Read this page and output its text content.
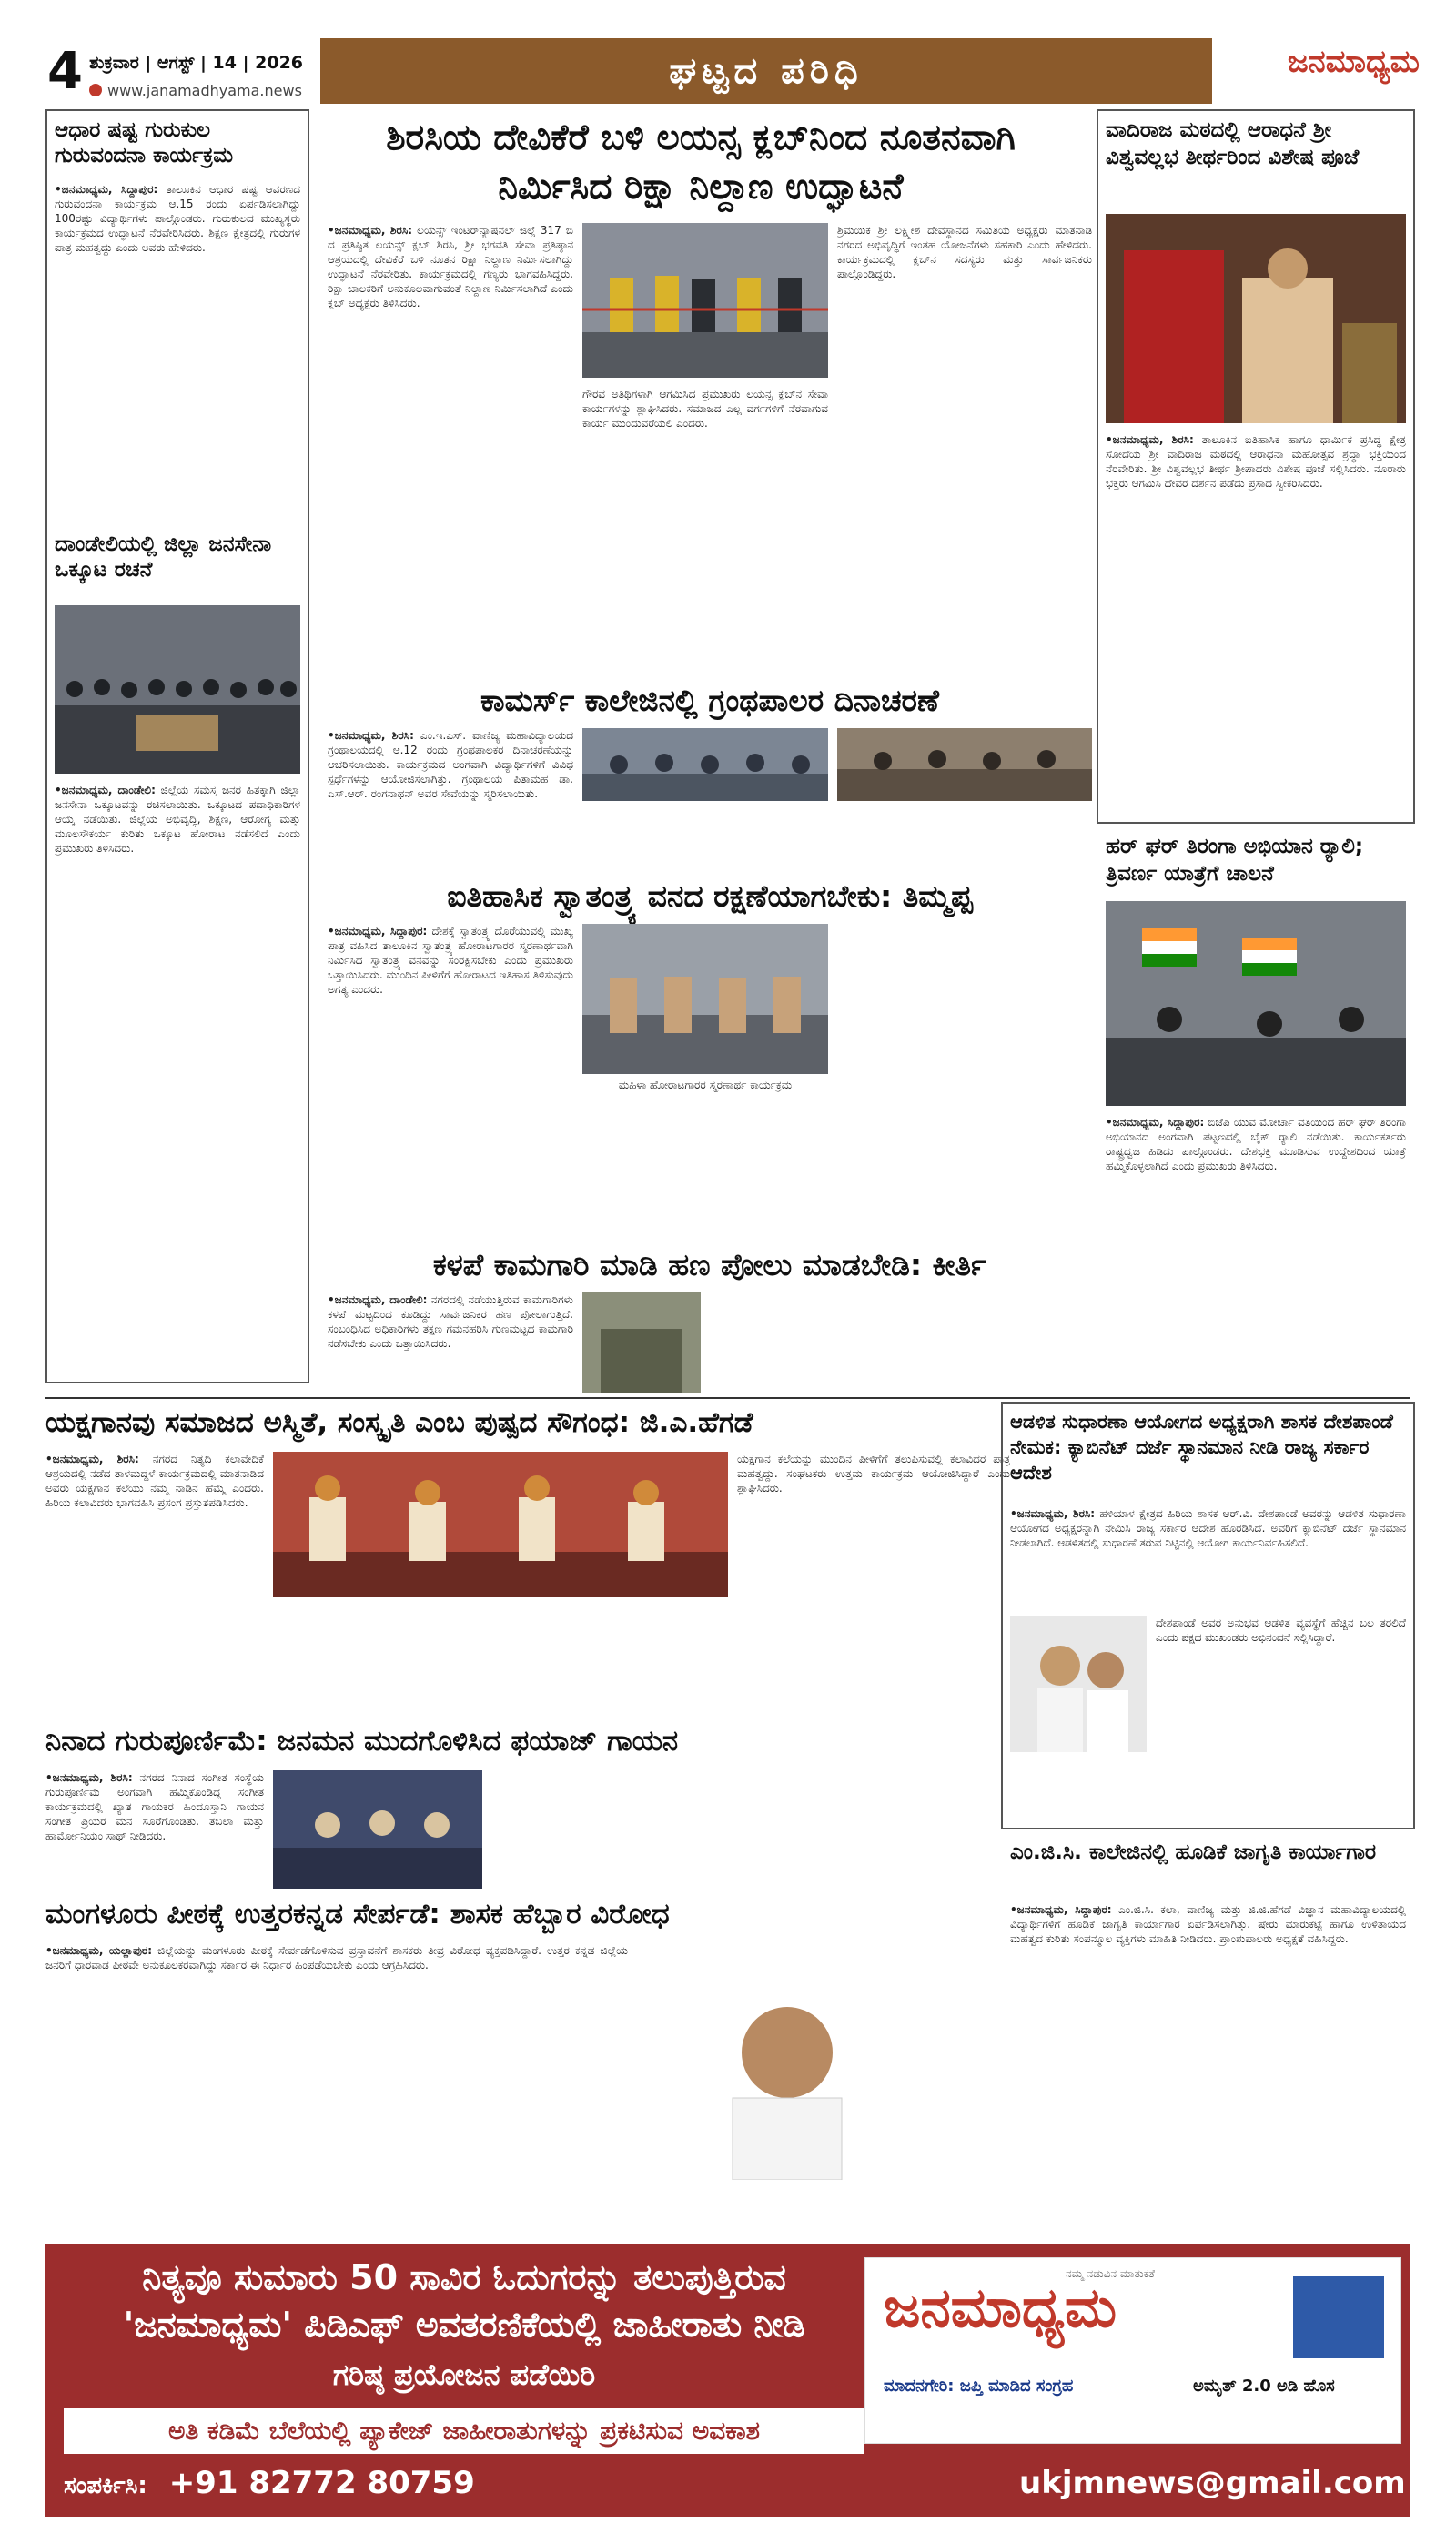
4 ಶುಕ್ರವಾರ | ಆಗಸ್ಟ್ | 14 | 2026
www.janamadhyama.news	ಘಟ್ಟದ ಪರಿಧಿ	ಜನಮಾಧ್ಯಮ
ಆಧಾರ ಷಷ್ಟ ಗುರುಕುಲ ಗುರುವಂದನಾ ಕಾರ್ಯಕ್ರಮ
•ಜನಮಾಧ್ಯಮ, ಸಿದ್ದಾಪುರ: ತಾಲೂಕಿನ ಆಧಾರ ಷಷ್ಟ ಆವರಣದ ಗುರುವಂದನಾ ಕಾರ್ಯಕ್ರಮ ಆ.15 ರಂದು ಏರ್ಪಡಿಸಲಾಗಿದ್ದು 100ರಷ್ಟು ವಿದ್ಯಾರ್ಥಿಗಳು ಪಾಲ್ಗೊಂಡರು. ಗುರುಕುಲದ ಮುಖ್ಯಸ್ಥರು ಕಾರ್ಯಕ್ರಮದ ಉದ್ಘಾಟನೆ ನೆರವೇರಿಸಿದರು. ಶಿಕ್ಷಣ ಕ್ಷೇತ್ರದಲ್ಲಿ ಗುರುಗಳ ಪಾತ್ರ ಮಹತ್ವದ್ದು ಎಂದು ಅವರು ಹೇಳಿದರು.
ದಾಂಡೇಲಿಯಲ್ಲಿ ಜಿಲ್ಲಾ ಜನಸೇನಾ ಒಕ್ಕೂಟ ರಚನೆ
•ಜನಮಾಧ್ಯಮ, ದಾಂಡೇಲಿ: ಜಿಲ್ಲೆಯ ಸಮಸ್ತ ಜನರ ಹಿತಕ್ಕಾಗಿ ಜಿಲ್ಲಾ ಜನಸೇನಾ ಒಕ್ಕೂಟವನ್ನು ರಚಿಸಲಾಯಿತು. ಒಕ್ಕೂಟದ ಪದಾಧಿಕಾರಿಗಳ ಆಯ್ಕೆ ನಡೆಯಿತು. ಜಿಲ್ಲೆಯ ಅಭಿವೃದ್ಧಿ, ಶಿಕ್ಷಣ, ಆರೋಗ್ಯ ಮತ್ತು ಮೂಲಸೌಕರ್ಯ ಕುರಿತು ಒಕ್ಕೂಟ ಹೋರಾಟ ನಡೆಸಲಿದೆ ಎಂದು ಪ್ರಮುಖರು ತಿಳಿಸಿದರು.
ಶಿರಸಿಯ ದೇವಿಕೆರೆ ಬಳಿ ಲಯನ್ಸ ಕ್ಲಬ್‌ನಿಂದ ನೂತನವಾಗಿ ನಿರ್ಮಿಸಿದ ರಿಕ್ಷಾ ನಿಲ್ದಾಣ ಉದ್ಘಾಟನೆ
•ಜನಮಾಧ್ಯಮ, ಶಿರಸಿ: ಲಯನ್ಸ್ ಇಂಟರ್‌ನ್ಯಾಷನಲ್ ಜಿಲ್ಲೆ 317 ಬಿ ದ ಪ್ರತಿಷ್ಠಿತ ಲಯನ್ಸ್ ಕ್ಲಬ್ ಶಿರಸಿ, ಶ್ರೀ ಭಗವತಿ ಸೇವಾ ಪ್ರತಿಷ್ಠಾನ ಆಶ್ರಯದಲ್ಲಿ ದೇವಿಕೆರೆ ಬಳಿ ನೂತನ ರಿಕ್ಷಾ ನಿಲ್ದಾಣ ನಿರ್ಮಿಸಲಾಗಿದ್ದು ಉದ್ಘಾಟನೆ ನೆರವೇರಿತು. ಕಾರ್ಯಕ್ರಮದಲ್ಲಿ ಗಣ್ಯರು ಭಾಗವಹಿಸಿದ್ದರು. ರಿಕ್ಷಾ ಚಾಲಕರಿಗೆ ಅನುಕೂಲವಾಗುವಂತೆ ನಿಲ್ದಾಣ ನಿರ್ಮಿಸಲಾಗಿದೆ ಎಂದು ಕ್ಲಬ್ ಅಧ್ಯಕ್ಷರು ತಿಳಿಸಿದರು.
ಗೌರವ ಅತಿಥಿಗಳಾಗಿ ಆಗಮಿಸಿದ ಪ್ರಮುಖರು ಲಯನ್ಸ ಕ್ಲಬ್‌ನ ಸೇವಾ ಕಾರ್ಯಗಳನ್ನು ಶ್ಲಾಘಿಸಿದರು. ಸಮಾಜದ ಎಲ್ಲ ವರ್ಗಗಳಿಗೆ ನೆರವಾಗುವ ಕಾರ್ಯ ಮುಂದುವರೆಯಲಿ ಎಂದರು.
ಶ್ರಿಮಯಿಕ ಶ್ರೀ ಲಕ್ಷ್ಮೀಶ ದೇವಸ್ಥಾನದ ಸಮಿತಿಯ ಅಧ್ಯಕ್ಷರು ಮಾತನಾಡಿ ನಗರದ ಅಭಿವೃದ್ಧಿಗೆ ಇಂತಹ ಯೋಜನೆಗಳು ಸಹಕಾರಿ ಎಂದು ಹೇಳಿದರು. ಕಾರ್ಯಕ್ರಮದಲ್ಲಿ ಕ್ಲಬ್‌ನ ಸದಸ್ಯರು ಮತ್ತು ಸಾರ್ವಜನಿಕರು ಪಾಲ್ಗೊಂಡಿದ್ದರು.
ವಾದಿರಾಜ ಮಠದಲ್ಲಿ ಆರಾಧನೆ ಶ್ರೀ ವಿಶ್ವವಲ್ಲಭ ತೀರ್ಥರಿಂದ ವಿಶೇಷ ಪೂಜೆ
•ಜನಮಾಧ್ಯಮ, ಶಿರಸಿ: ತಾಲೂಕಿನ ಐತಿಹಾಸಿಕ ಹಾಗೂ ಧಾರ್ಮಿಕ ಪ್ರಸಿದ್ಧ ಕ್ಷೇತ್ರ ಸೋದೆಯ ಶ್ರೀ ವಾದಿರಾಜ ಮಠದಲ್ಲಿ ಆರಾಧನಾ ಮಹೋತ್ಸವ ಶ್ರದ್ಧಾ ಭಕ್ತಿಯಿಂದ ನೆರವೇರಿತು. ಶ್ರೀ ವಿಶ್ವವಲ್ಲಭ ತೀರ್ಥ ಶ್ರೀಪಾದರು ವಿಶೇಷ ಪೂಜೆ ಸಲ್ಲಿಸಿದರು. ನೂರಾರು ಭಕ್ತರು ಆಗಮಿಸಿ ದೇವರ ದರ್ಶನ ಪಡೆದು ಪ್ರಸಾದ ಸ್ವೀಕರಿಸಿದರು.
ಕಾಮರ್ಸ್ ಕಾಲೇಜಿನಲ್ಲಿ ಗ್ರಂಥಪಾಲರ ದಿನಾಚರಣೆ
•ಜನಮಾಧ್ಯಮ, ಶಿರಸಿ: ಎಂ.ಇ.ಎಸ್. ವಾಣಿಜ್ಯ ಮಹಾವಿದ್ಯಾಲಯದ ಗ್ರಂಥಾಲಯದಲ್ಲಿ ಆ.12 ರಂದು ಗ್ರಂಥಪಾಲಕರ ದಿನಾಚರಣೆಯನ್ನು ಆಚರಿಸಲಾಯಿತು. ಕಾರ್ಯಕ್ರಮದ ಅಂಗವಾಗಿ ವಿದ್ಯಾರ್ಥಿಗಳಿಗೆ ವಿವಿಧ ಸ್ಪರ್ಧೆಗಳನ್ನು ಆಯೋಜಿಸಲಾಗಿತ್ತು. ಗ್ರಂಥಾಲಯ ಪಿತಾಮಹ ಡಾ. ಎಸ್.ಆರ್. ರಂಗನಾಥನ್ ಅವರ ಸೇವೆಯನ್ನು ಸ್ಮರಿಸಲಾಯಿತು.
ಐತಿಹಾಸಿಕ ಸ್ವಾತಂತ್ರ್ಯ ವನದ ರಕ್ಷಣೆಯಾಗಬೇಕು: ತಿಮ್ಮಪ್ಪ
•ಜನಮಾಧ್ಯಮ, ಸಿದ್ದಾಪುರ: ದೇಶಕ್ಕೆ ಸ್ವಾತಂತ್ರ್ಯ ದೊರೆಯುವಲ್ಲಿ ಮುಖ್ಯ ಪಾತ್ರ ವಹಿಸಿದ ತಾಲೂಕಿನ ಸ್ವಾತಂತ್ರ್ಯ ಹೋರಾಟಗಾರರ ಸ್ಮರಣಾರ್ಥವಾಗಿ ನಿರ್ಮಿಸಿದ ಸ್ವಾತಂತ್ರ್ಯ ವನವನ್ನು ಸಂರಕ್ಷಿಸಬೇಕು ಎಂದು ಪ್ರಮುಖರು ಒತ್ತಾಯಿಸಿದರು. ಮುಂದಿನ ಪೀಳಿಗೆಗೆ ಹೋರಾಟದ ಇತಿಹಾಸ ತಿಳಿಸುವುದು ಅಗತ್ಯ ಎಂದರು.
ಮಹಿಳಾ ಹೋರಾಟಗಾರರ ಸ್ಮರಣಾರ್ಥ ಕಾರ್ಯಕ್ರಮ
ಹರ್ ಘರ್ ತಿರಂಗಾ ಅಭಿಯಾನ ರ‍್ಯಾಲಿ; ತ್ರಿವರ್ಣ ಯಾತ್ರೆಗೆ ಚಾಲನೆ
•ಜನಮಾಧ್ಯಮ, ಸಿದ್ದಾಪುರ: ಬಿಜೆಪಿ ಯುವ ಮೋರ್ಚಾ ವತಿಯಿಂದ ಹರ್ ಘರ್ ತಿರಂಗಾ ಅಭಿಯಾನದ ಅಂಗವಾಗಿ ಪಟ್ಟಣದಲ್ಲಿ ಬೈಕ್ ರ‍್ಯಾಲಿ ನಡೆಯಿತು. ಕಾರ್ಯಕರ್ತರು ರಾಷ್ಟ್ರಧ್ವಜ ಹಿಡಿದು ಪಾಲ್ಗೊಂಡರು. ದೇಶಭಕ್ತಿ ಮೂಡಿಸುವ ಉದ್ದೇಶದಿಂದ ಯಾತ್ರೆ ಹಮ್ಮಿಕೊಳ್ಳಲಾಗಿದೆ ಎಂದು ಪ್ರಮುಖರು ತಿಳಿಸಿದರು.
ಕಳಪೆ ಕಾಮಗಾರಿ ಮಾಡಿ ಹಣ ಪೋಲು ಮಾಡಬೇಡಿ: ಕೀರ್ತಿ
•ಜನಮಾಧ್ಯಮ, ದಾಂಡೇಲಿ: ನಗರದಲ್ಲಿ ನಡೆಯುತ್ತಿರುವ ಕಾಮಗಾರಿಗಳು ಕಳಪೆ ಮಟ್ಟದಿಂದ ಕೂಡಿದ್ದು ಸಾರ್ವಜನಿಕರ ಹಣ ಪೋಲಾಗುತ್ತಿದೆ. ಸಂಬಂಧಿಸಿದ ಅಧಿಕಾರಿಗಳು ತಕ್ಷಣ ಗಮನಹರಿಸಿ ಗುಣಮಟ್ಟದ ಕಾಮಗಾರಿ ನಡೆಸಬೇಕು ಎಂದು ಒತ್ತಾಯಿಸಿದರು.
ಯಕ್ಷಗಾನವು ಸಮಾಜದ ಅಸ್ಮಿತೆ, ಸಂಸ್ಕೃತಿ ಎಂಬ ಪುಷ್ಪದ ಸೌಗಂಧ: ಜಿ.ಎ.ಹೆಗಡೆ
•ಜನಮಾಧ್ಯಮ, ಶಿರಸಿ: ನಗರದ ನಿತ್ಯದಿ ಕಲಾವೇದಿಕೆ ಆಶ್ರಯದಲ್ಲಿ ನಡೆದ ತಾಳಮದ್ದಳೆ ಕಾರ್ಯಕ್ರಮದಲ್ಲಿ ಮಾತನಾಡಿದ ಅವರು ಯಕ್ಷಗಾನ ಕಲೆಯು ನಮ್ಮ ನಾಡಿನ ಹೆಮ್ಮೆ ಎಂದರು. ಹಿರಿಯ ಕಲಾವಿದರು ಭಾಗವಹಿಸಿ ಪ್ರಸಂಗ ಪ್ರಸ್ತುತಪಡಿಸಿದರು.
ಯಕ್ಷಗಾನ ಕಲೆಯನ್ನು ಮುಂದಿನ ಪೀಳಿಗೆಗೆ ತಲುಪಿಸುವಲ್ಲಿ ಕಲಾವಿದರ ಪಾತ್ರ ಮಹತ್ವದ್ದು. ಸಂಘಟಕರು ಉತ್ತಮ ಕಾರ್ಯಕ್ರಮ ಆಯೋಜಿಸಿದ್ದಾರೆ ಎಂದು ಶ್ಲಾಘಿಸಿದರು.
ಆಡಳಿತ ಸುಧಾರಣಾ ಆಯೋಗದ ಅಧ್ಯಕ್ಷರಾಗಿ ಶಾಸಕ ದೇಶಪಾಂಡೆ ನೇಮಕ: ಕ್ಯಾಬಿನೆಟ್ ದರ್ಜೆ ಸ್ಥಾನಮಾನ ನೀಡಿ ರಾಜ್ಯ ಸರ್ಕಾರ ಆದೇಶ
•ಜನಮಾಧ್ಯಮ, ಶಿರಸಿ: ಹಳಿಯಾಳ ಕ್ಷೇತ್ರದ ಹಿರಿಯ ಶಾಸಕ ಆರ್.ವಿ. ದೇಶಪಾಂಡೆ ಅವರನ್ನು ಆಡಳಿತ ಸುಧಾರಣಾ ಆಯೋಗದ ಅಧ್ಯಕ್ಷರನ್ನಾಗಿ ನೇಮಿಸಿ ರಾಜ್ಯ ಸರ್ಕಾರ ಆದೇಶ ಹೊರಡಿಸಿದೆ. ಅವರಿಗೆ ಕ್ಯಾಬಿನೆಟ್ ದರ್ಜೆ ಸ್ಥಾನಮಾನ ನೀಡಲಾಗಿದೆ. ಆಡಳಿತದಲ್ಲಿ ಸುಧಾರಣೆ ತರುವ ನಿಟ್ಟಿನಲ್ಲಿ ಆಯೋಗ ಕಾರ್ಯನಿರ್ವಹಿಸಲಿದೆ.
ದೇಶಪಾಂಡೆ ಅವರ ಅನುಭವ ಆಡಳಿತ ವ್ಯವಸ್ಥೆಗೆ ಹೆಚ್ಚಿನ ಬಲ ತರಲಿದೆ ಎಂದು ಪಕ್ಷದ ಮುಖಂಡರು ಅಭಿನಂದನೆ ಸಲ್ಲಿಸಿದ್ದಾರೆ.
ನಿನಾದ ಗುರುಪೂರ್ಣಿಮೆ: ಜನಮನ ಮುದಗೊಳಿಸಿದ ಫಯಾಜ್ ಗಾಯನ
•ಜನಮಾಧ್ಯಮ, ಶಿರಸಿ: ನಗರದ ನಿನಾದ ಸಂಗೀತ ಸಂಸ್ಥೆಯ ಗುರುಪೂರ್ಣಿಮೆ ಅಂಗವಾಗಿ ಹಮ್ಮಿಕೊಂಡಿದ್ದ ಸಂಗೀತ ಕಾರ್ಯಕ್ರಮದಲ್ಲಿ ಖ್ಯಾತ ಗಾಯಕರ ಹಿಂದೂಸ್ತಾನಿ ಗಾಯನ ಸಂಗೀತ ಪ್ರಿಯರ ಮನ ಸೂರೆಗೊಂಡಿತು. ತಬಲಾ ಮತ್ತು ಹಾರ್ಮೋನಿಯಂ ಸಾಥ್ ನೀಡಿದರು.
ಎಂ.ಜಿ.ಸಿ. ಕಾಲೇಜಿನಲ್ಲಿ ಹೂಡಿಕೆ ಜಾಗೃತಿ ಕಾರ್ಯಾಗಾರ
•ಜನಮಾಧ್ಯಮ, ಸಿದ್ದಾಪುರ: ಎಂ.ಜಿ.ಸಿ. ಕಲಾ, ವಾಣಿಜ್ಯ ಮತ್ತು ಜಿ.ಜಿ.ಹೆಗಡೆ ವಿಜ್ಞಾನ ಮಹಾವಿದ್ಯಾಲಯದಲ್ಲಿ ವಿದ್ಯಾರ್ಥಿಗಳಿಗೆ ಹೂಡಿಕೆ ಜಾಗೃತಿ ಕಾರ್ಯಾಗಾರ ಏರ್ಪಡಿಸಲಾಗಿತ್ತು. ಷೇರು ಮಾರುಕಟ್ಟೆ ಹಾಗೂ ಉಳಿತಾಯದ ಮಹತ್ವದ ಕುರಿತು ಸಂಪನ್ಮೂಲ ವ್ಯಕ್ತಿಗಳು ಮಾಹಿತಿ ನೀಡಿದರು. ಪ್ರಾಂಶುಪಾಲರು ಅಧ್ಯಕ್ಷತೆ ವಹಿಸಿದ್ದರು.
ಮಂಗಳೂರು ಪೀಠಕ್ಕೆ ಉತ್ತರಕನ್ನಡ ಸೇರ್ಪಡೆ: ಶಾಸಕ ಹೆಬ್ಬಾರ ವಿರೋಧ
•ಜನಮಾಧ್ಯಮ, ಯಲ್ಲಾಪುರ: ಜಿಲ್ಲೆಯನ್ನು ಮಂಗಳೂರು ಪೀಠಕ್ಕೆ ಸೇರ್ಪಡೆಗೊಳಿಸುವ ಪ್ರಸ್ತಾವನೆಗೆ ಶಾಸಕರು ತೀವ್ರ ವಿರೋಧ ವ್ಯಕ್ತಪಡಿಸಿದ್ದಾರೆ. ಉತ್ತರ ಕನ್ನಡ ಜಿಲ್ಲೆಯ ಜನರಿಗೆ ಧಾರವಾಡ ಪೀಠವೇ ಅನುಕೂಲಕರವಾಗಿದ್ದು ಸರ್ಕಾರ ಈ ನಿರ್ಧಾರ ಹಿಂಪಡೆಯಬೇಕು ಎಂದು ಆಗ್ರಹಿಸಿದರು.
ನಿತ್ಯವೂ ಸುಮಾರು 50 ಸಾವಿರ ಓದುಗರನ್ನು ತಲುಪುತ್ತಿರುವ
'ಜನಮಾಧ್ಯಮ' ಪಿಡಿಎಫ್ ಅವತರಣಿಕೆಯಲ್ಲಿ ಜಾಹೀರಾತು ನೀಡಿ
ಗರಿಷ್ಠ ಪ್ರಯೋಜನ ಪಡೆಯಿರಿ
ಅತಿ ಕಡಿಮೆ ಬೆಲೆಯಲ್ಲಿ ಪ್ಯಾಕೇಜ್ ಜಾಹೀರಾತುಗಳನ್ನು ಪ್ರಕಟಿಸುವ ಅವಕಾಶ
ಸಂಪರ್ಕಿಸಿ: +91 82772 80759	ukjmnews@gmail.com
ಜನಮಾಧ್ಯಮ
ನಮ್ಮ ನಡುವಿನ ಮಾತುಕತೆ
ಮಾದನಗೇರಿ: ಜಪ್ತಿ ಮಾಡಿದ ಸಂಗ್ರಹ	ಅಮೃತ್ 2.0 ಅಡಿ ಹೊಸ
